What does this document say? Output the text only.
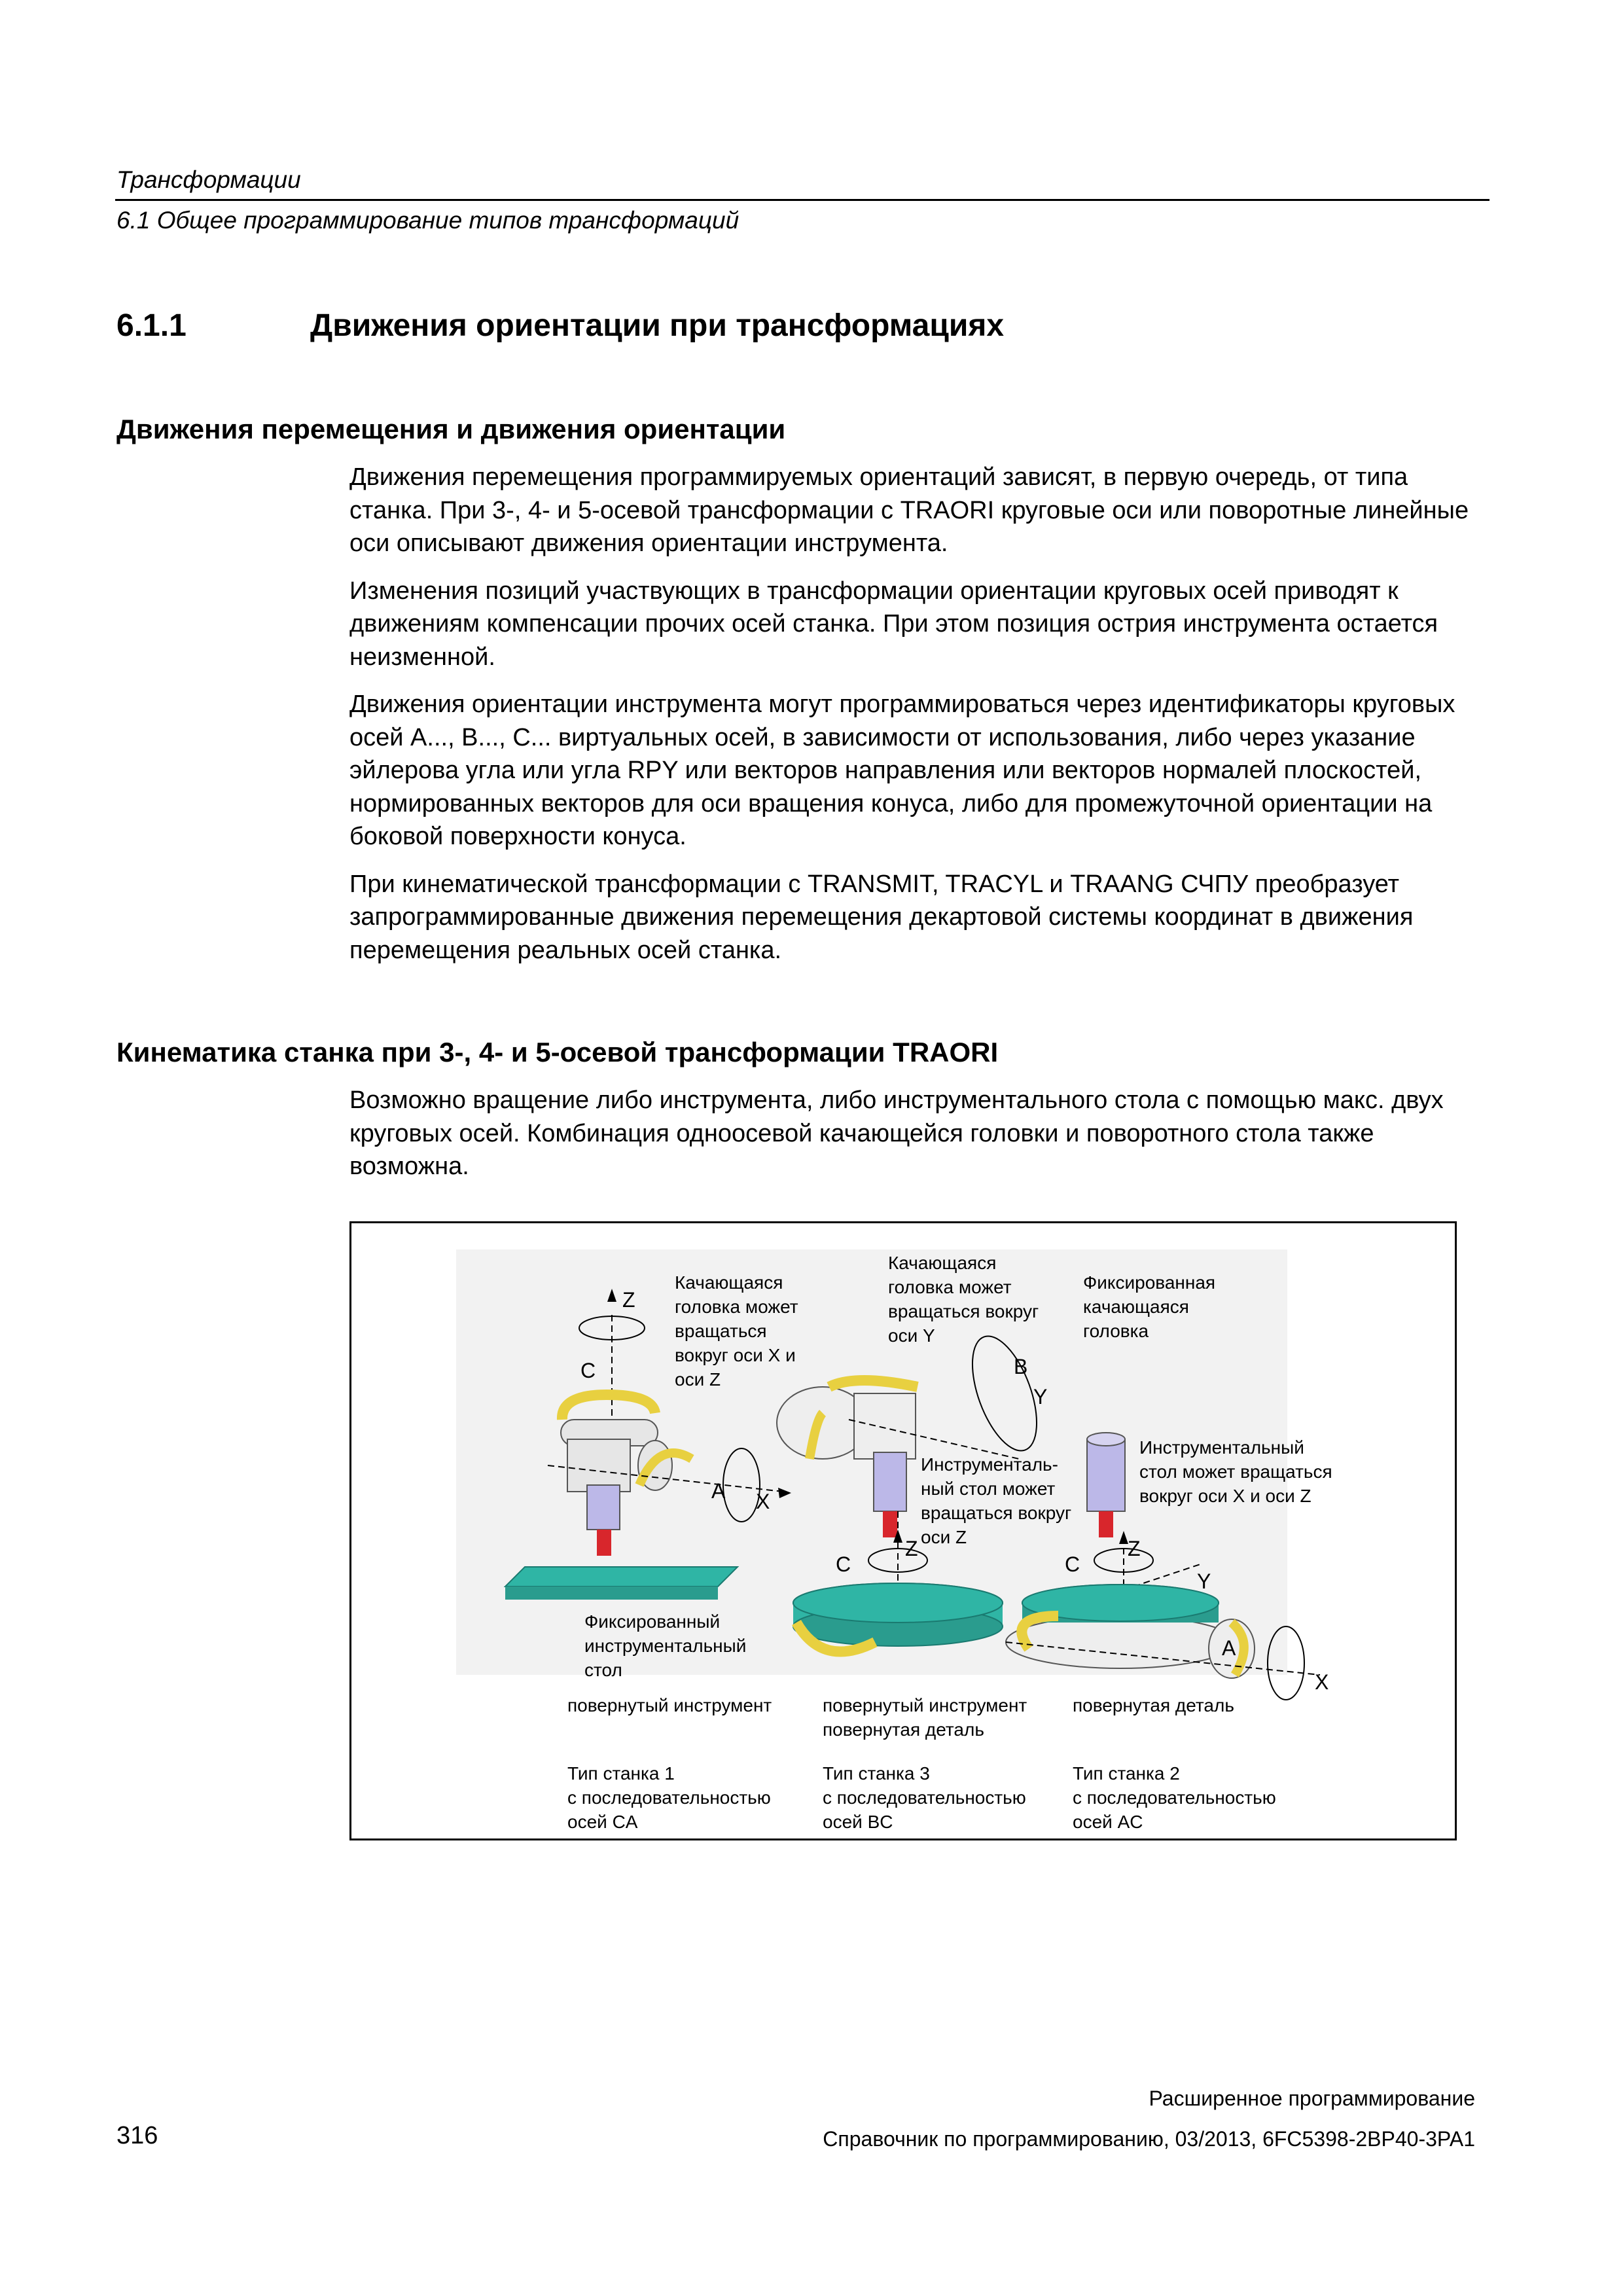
Трансформации
6.1 Общее программирование типов трансформаций
6.1.1	Движения ориентации при трансформациях
Движения перемещения и движения ориентации

Движения перемещения программируемых ориентаций зависят, в первую очередь, от типа станка. При 3-, 4- и 5-осевой трансформации с TRAORI круговые оси или поворотные линейные оси описывают движения ориентации инструмента.

Изменения позиций участвующих в трансформации ориентации круговых осей приводят к движениям компенсации прочих осей станка. При этом позиция острия инструмента остается неизменной.

Движения ориентации инструмента могут программироваться через идентификаторы круговых осей A..., B..., C... виртуальных осей, в зависимости от использования, либо через указание эйлерова угла или угла RPY или векторов направления или векторов нормалей плоскостей, нормированных векторов для оси вращения конуса, либо для промежуточной ориентации на боковой поверхности конуса.

При кинематической трансформации с TRANSMIT, TRACYL и TRAANG СЧПУ преобразует запрограммированные движения перемещения декартовой системы координат в движения перемещения реальных осей станка.

Кинематика станка при 3-, 4- и 5-осевой трансформации TRAORI

Возможно вращение либо инструмента, либо инструментального стола с помощью макс. двух круговых осей. Комбинация одноосевой качающейся головки и поворотного стола также возможна.

Z
C
A X
B
Y
Z
C
Z
C
Y
A
X
Качающаяся
головка может
вращаться
вокруг оси X и
оси Z
Качающаяся
головка может
вращаться вокруг
оси Y
Фиксированная
качающаяся
головка
Инструменталь-
ный стол может
вращаться вокруг
оси Z
Инструментальный
стол может вращаться
вокруг оси X и оси Z
Фиксированный
инструментальный
стол
повернутый инструмент	повернутый инструмент
повернутая деталь
повернутая деталь
Тип станка 1
с последовательностью
осей CA
Тип станка 3
с последовательностью
осей BC
Тип станка 2
с последовательностью
осей AC
Расширенное программирование
316	Справочник по программированию, 03/2013, 6FC5398-2BP40-3PA1
